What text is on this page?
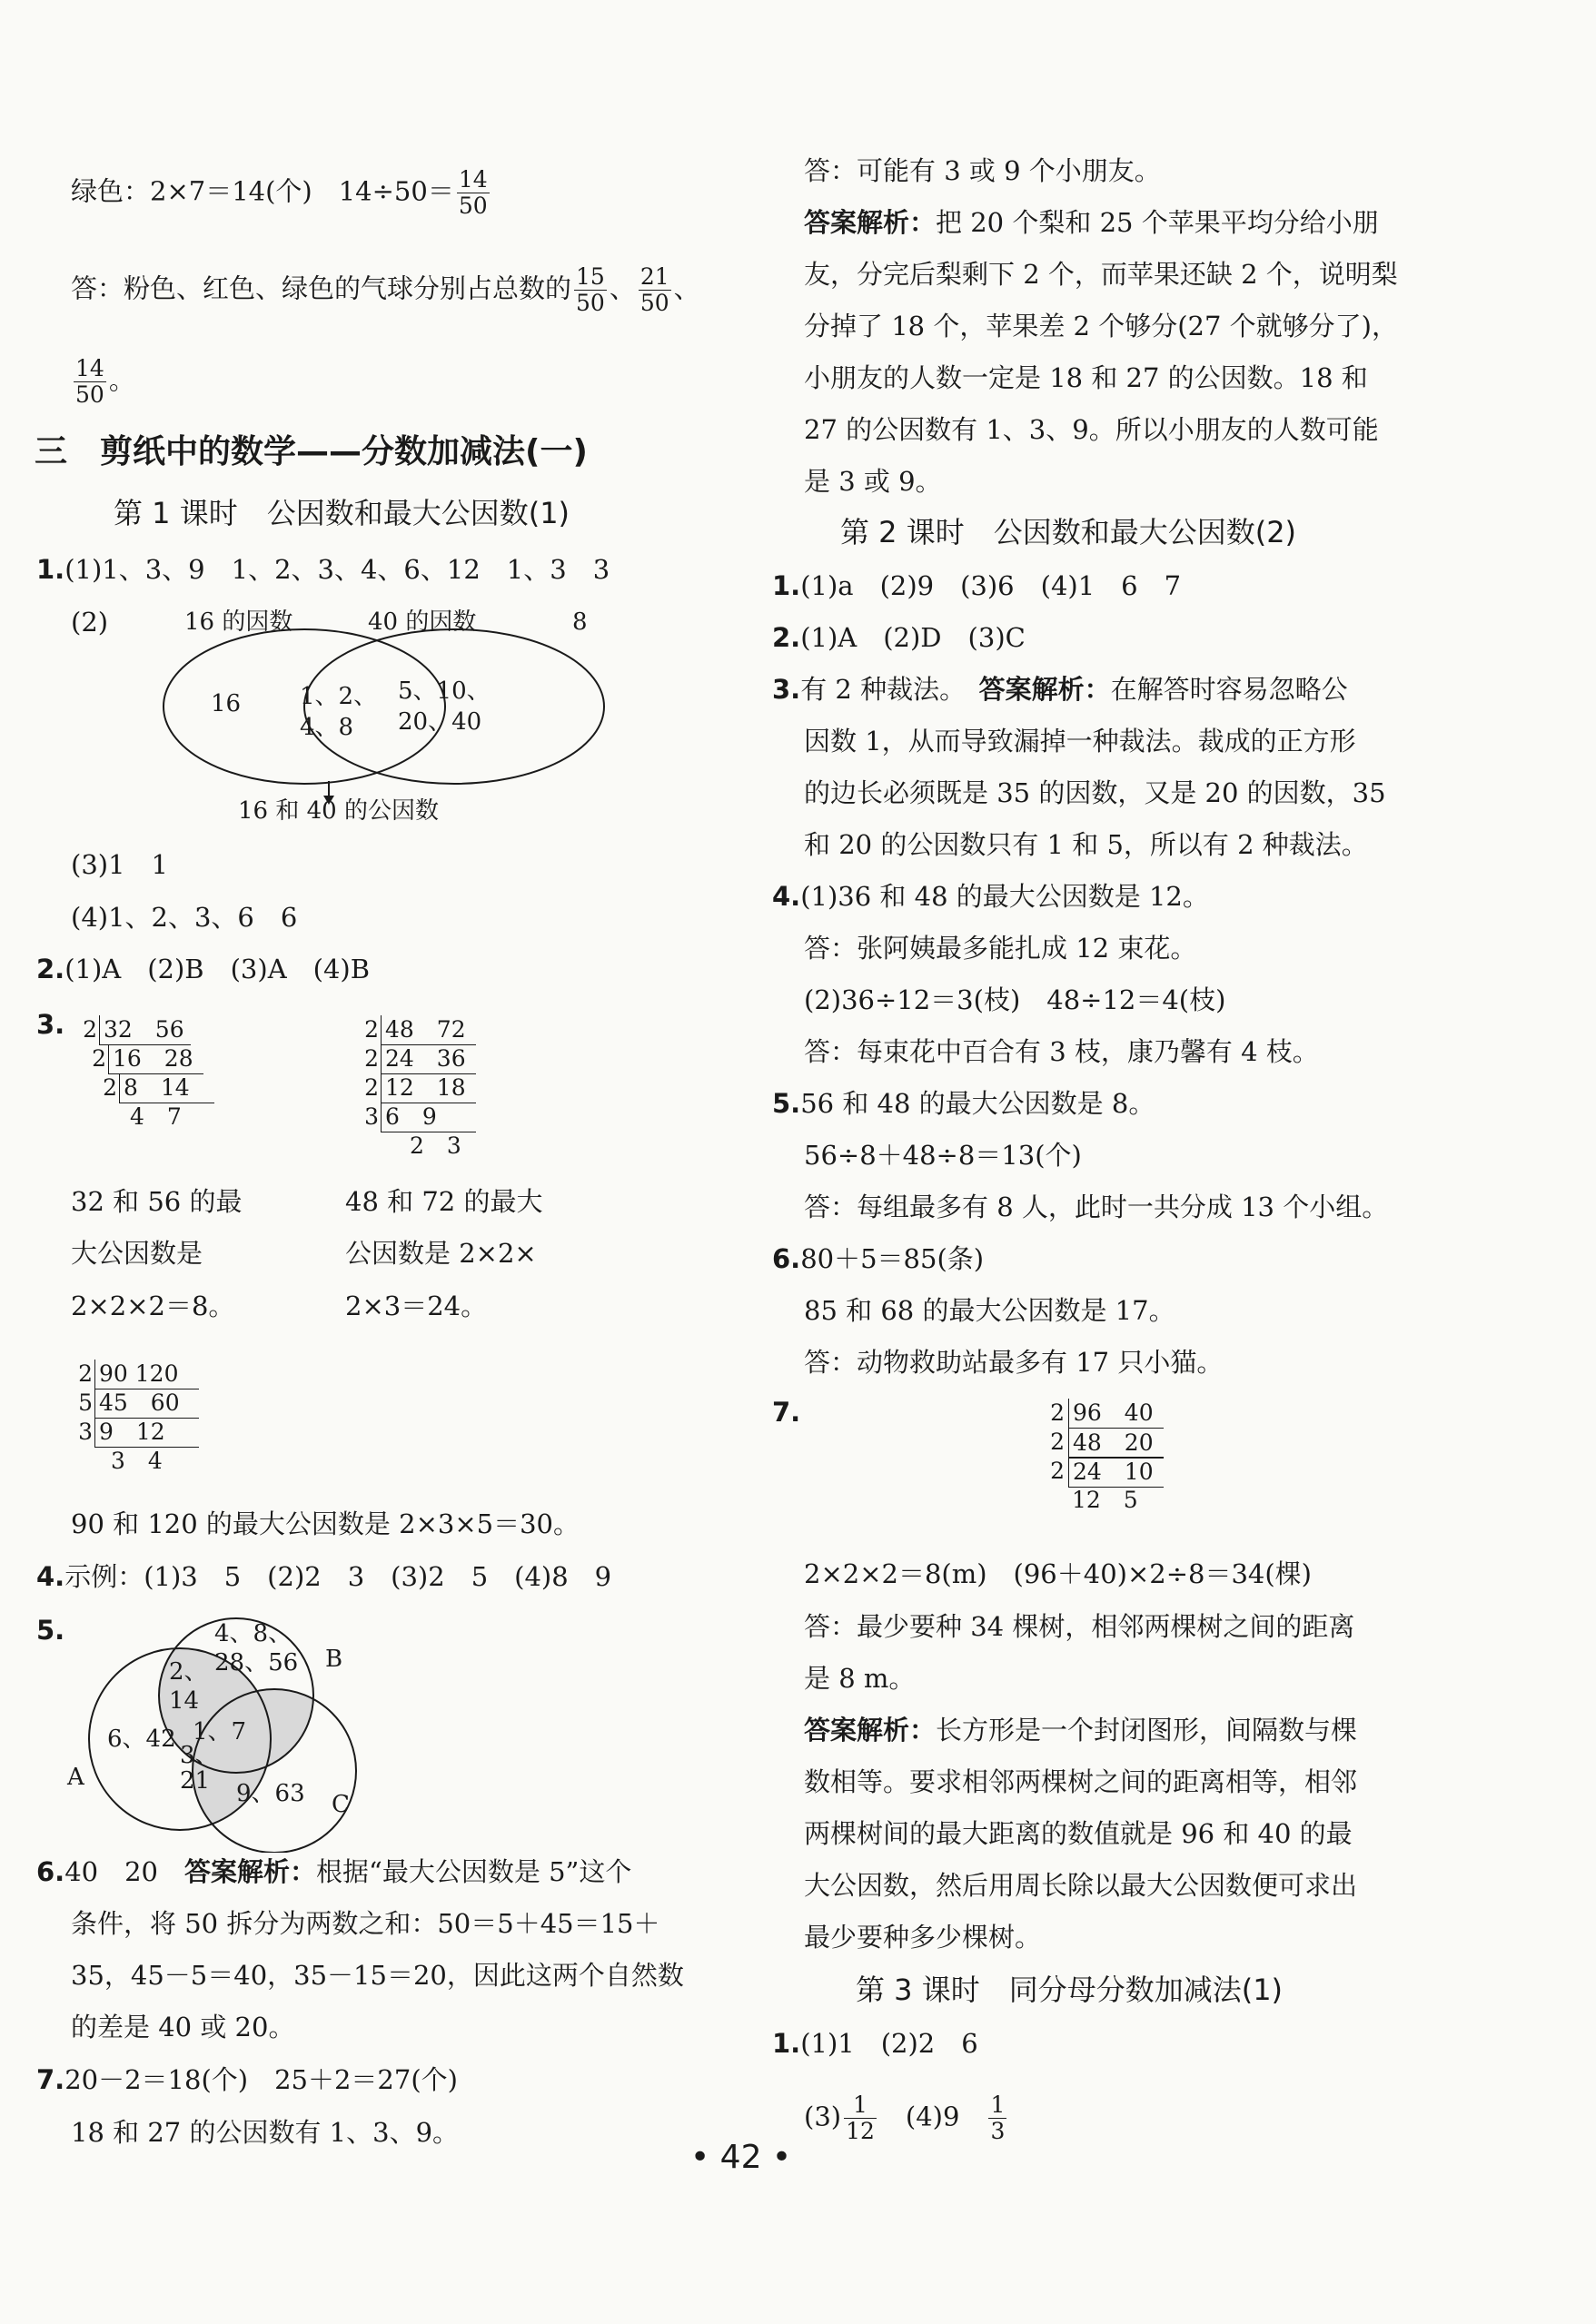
绿色：2×7＝14(个)　$14\div 50= \frac{14}{50}$
答：粉色、红色、绿色的气球分别占总数的 $\frac{15}{50}$ 、 $\frac{21}{50}$ 、
$\frac{14}{50}$ 。
三　剪纸中的数学——分数加减法(一)
第 1 课时　公因数和最大公因数(1)
1.(1)1、3、9　1、2、3、4、6、12　1、3　3
(2)	16 的因数	40 的因数	8
16 1、2、
4、8
5、10、
20、40
16 和 40 的公因数
(3)1　1
(4)1、2、3、6　6
2.(1)A　(2)B　(3)A　(4)B
3. 2 32　56
2 16　28
2 8　14
4　7
2 48　72
2 24　36
2 12　18
3 6　9
2　3
32 和 56 的最
大公因数是
2×2×2＝8。
48 和 72 的最大
公因数是 2×2×
2×3＝24。
2 90 120
5 45　60
3 9　12
3　4
90 和 120 的最大公因数是 2×3×5＝30。
4.示例：(1)3　5　(2)2　3　(3)2　5　(4)8　9
5.	4、8、
28、56
2、
14
1、7
6、42
3、
21 9、63
A
B
C
6.40　20　答案解析：根据“最大公因数是 5”这个
条件，将 50 拆分为两数之和：50＝5＋45＝15＋
35，45－5＝40，35－15＝20，因此这两个自然数
的差是 40 或 20。
7.20－2＝18(个)　25＋2＝27(个)
18 和 27 的公因数有 1、3、9。
答：可能有 3 或 9 个小朋友。
答案解析：把 20 个梨和 25 个苹果平均分给小朋
友，分完后梨剩下 2 个，而苹果还缺 2 个，说明梨
分掉了 18 个，苹果差 2 个够分(27 个就够分了)，
小朋友的人数一定是 18 和 27 的公因数。18 和
27 的公因数有 1、3、9。所以小朋友的人数可能
是 3 或 9。
第 2 课时　公因数和最大公因数(2)
1.(1)a　(2)9　(3)6　(4)1　6　7
2.(1)A　(2)D　(3)C
3.有 2 种裁法。　答案解析：在解答时容易忽略公
因数 1，从而导致漏掉一种裁法。裁成的正方形
的边长必须既是 35 的因数，又是 20 的因数，35
和 20 的公因数只有 1 和 5，所以有 2 种裁法。
4.(1)36 和 48 的最大公因数是 12。
答：张阿姨最多能扎成 12 束花。
(2)36÷12＝3(枝)　48÷12＝4(枝)
答：每束花中百合有 3 枝，康乃馨有 4 枝。
5.56 和 48 的最大公因数是 8。
56÷8＋48÷8＝13(个)
答：每组最多有 8 人，此时一共分成 13 个小组。
6.80＋5＝85(条)
85 和 68 的最大公因数是 17。
答：动物救助站最多有 17 只小猫。
7.	2 96　40
2 48　20
2 24　10
12　5
2×2×2＝8(m)　(96＋40)×2÷8＝34(棵)
答：最少要种 34 棵树，相邻两棵树之间的距离
是 8 m。
答案解析：长方形是一个封闭图形，间隔数与棵
数相等。要求相邻两棵树之间的距离相等，相邻
两棵树间的最大距离的数值就是 96 和 40 的最
大公因数，然后用周长除以最大公因数便可求出
最少要种多少棵树。
第 3 课时　同分母分数加减法(1)
1.(1)1　(2)2　6
$(3) \frac{1}{12}$
　 (4)9　 $\frac{1}{3}$
• 42 •
